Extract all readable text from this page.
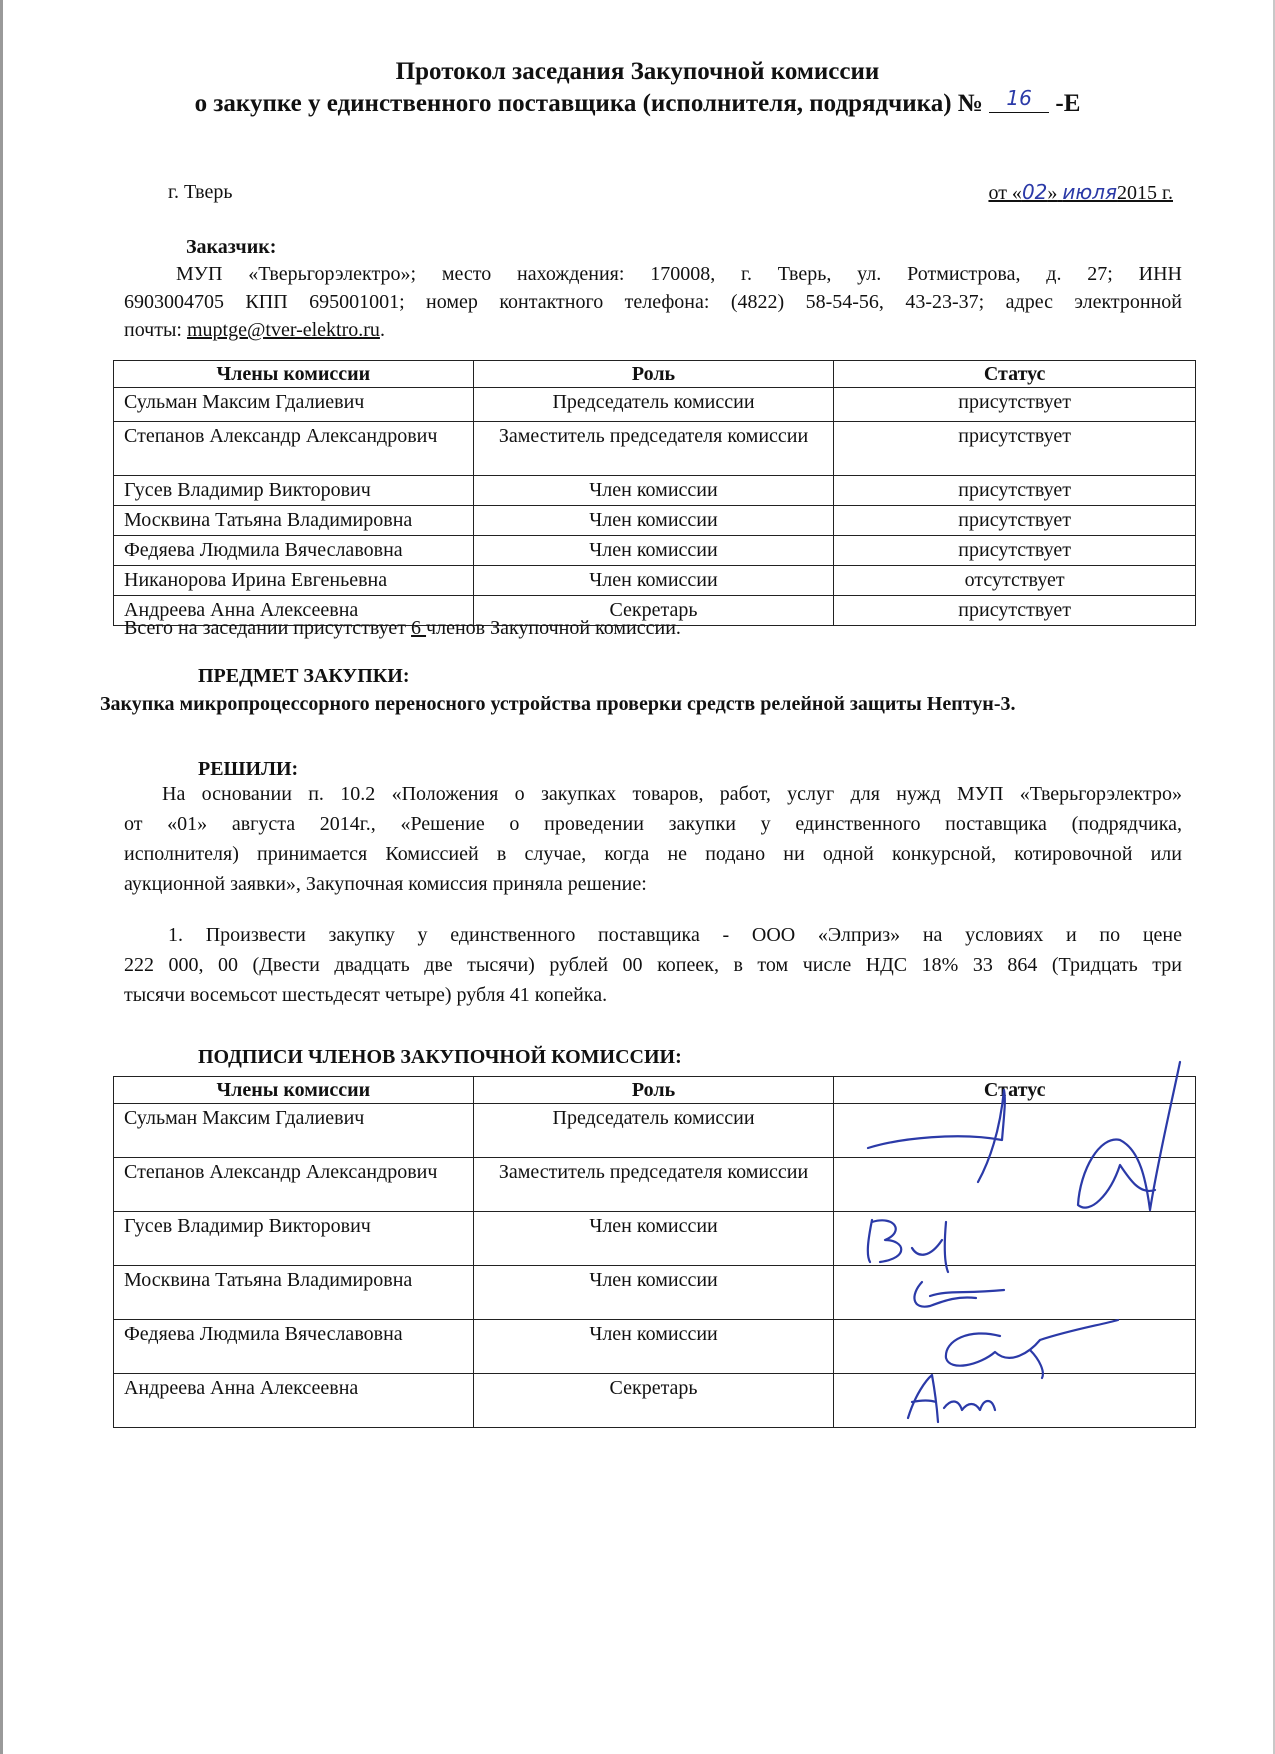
Протокол заседания Закупочной комиссии
о закупке у единственного поставщика (исполнителя, подрядчика) № 16 -Е
г. Тверь	от «02» июля2015 г.
Заказчик:
МУП «Тверьгорэлектро»; место нахождения: 170008, г. Тверь, ул. Ротмистрова, д. 27; ИНН
6903004705 КПП 695001001; номер контактного телефона: (4822) 58-54-56, 43-23-37; адрес электронной
почты: muptge@tver-elektro.ru.
Члены комиссии	Роль	Статус
Сульман Максим Гдалиевич	Председатель комиссии	присутствует
Степанов Александр Александрович	Заместитель председателя комиссии	присутствует
Гусев Владимир Викторович	Член комиссии	присутствует
Москвина Татьяна Владимировна	Член комиссии	присутствует
Федяева Людмила Вячеславовна	Член комиссии	присутствует
Никанорова Ирина Евгеньевна	Член комиссии	отсутствует
Андреева Анна Алексеевна	Секретарь	присутствует
Всего на заседании присутствует 6 членов Закупочной комиссии.
ПРЕДМЕТ ЗАКУПКИ:
Закупка микропроцессорного переносного устройства проверки средств релейной защиты Нептун-3.
РЕШИЛИ:
На основании п. 10.2 «Положения о закупках товаров, работ, услуг для нужд МУП «Тверьгорэлектро»
от «01» августа 2014г., «Решение о проведении закупки у единственного поставщика (подрядчика,
исполнителя) принимается Комиссией в случае, когда не подано ни одной конкурсной, котировочной или
аукционной заявки», Закупочная комиссия приняла решение:
1. Произвести закупку у единственного поставщика - ООО «Элприз» на условиях и по цене
222 000, 00 (Двести двадцать две тысячи) рублей 00 копеек, в том числе НДС 18% 33 864 (Тридцать три
тысячи восемьсот шестьдесят четыре) рубля 41 копейка.
ПОДПИСИ ЧЛЕНОВ ЗАКУПОЧНОЙ КОМИССИИ:
Члены комиссии	Роль	Статус
Сульман Максим Гдалиевич	Председатель комиссии	
Степанов Александр Александрович	Заместитель председателя комиссии	
Гусев Владимир Викторович	Член комиссии	
Москвина Татьяна Владимировна	Член комиссии	
Федяева Людмила Вячеславовна	Член комиссии	
Андреева Анна Алексеевна	Секретарь	
